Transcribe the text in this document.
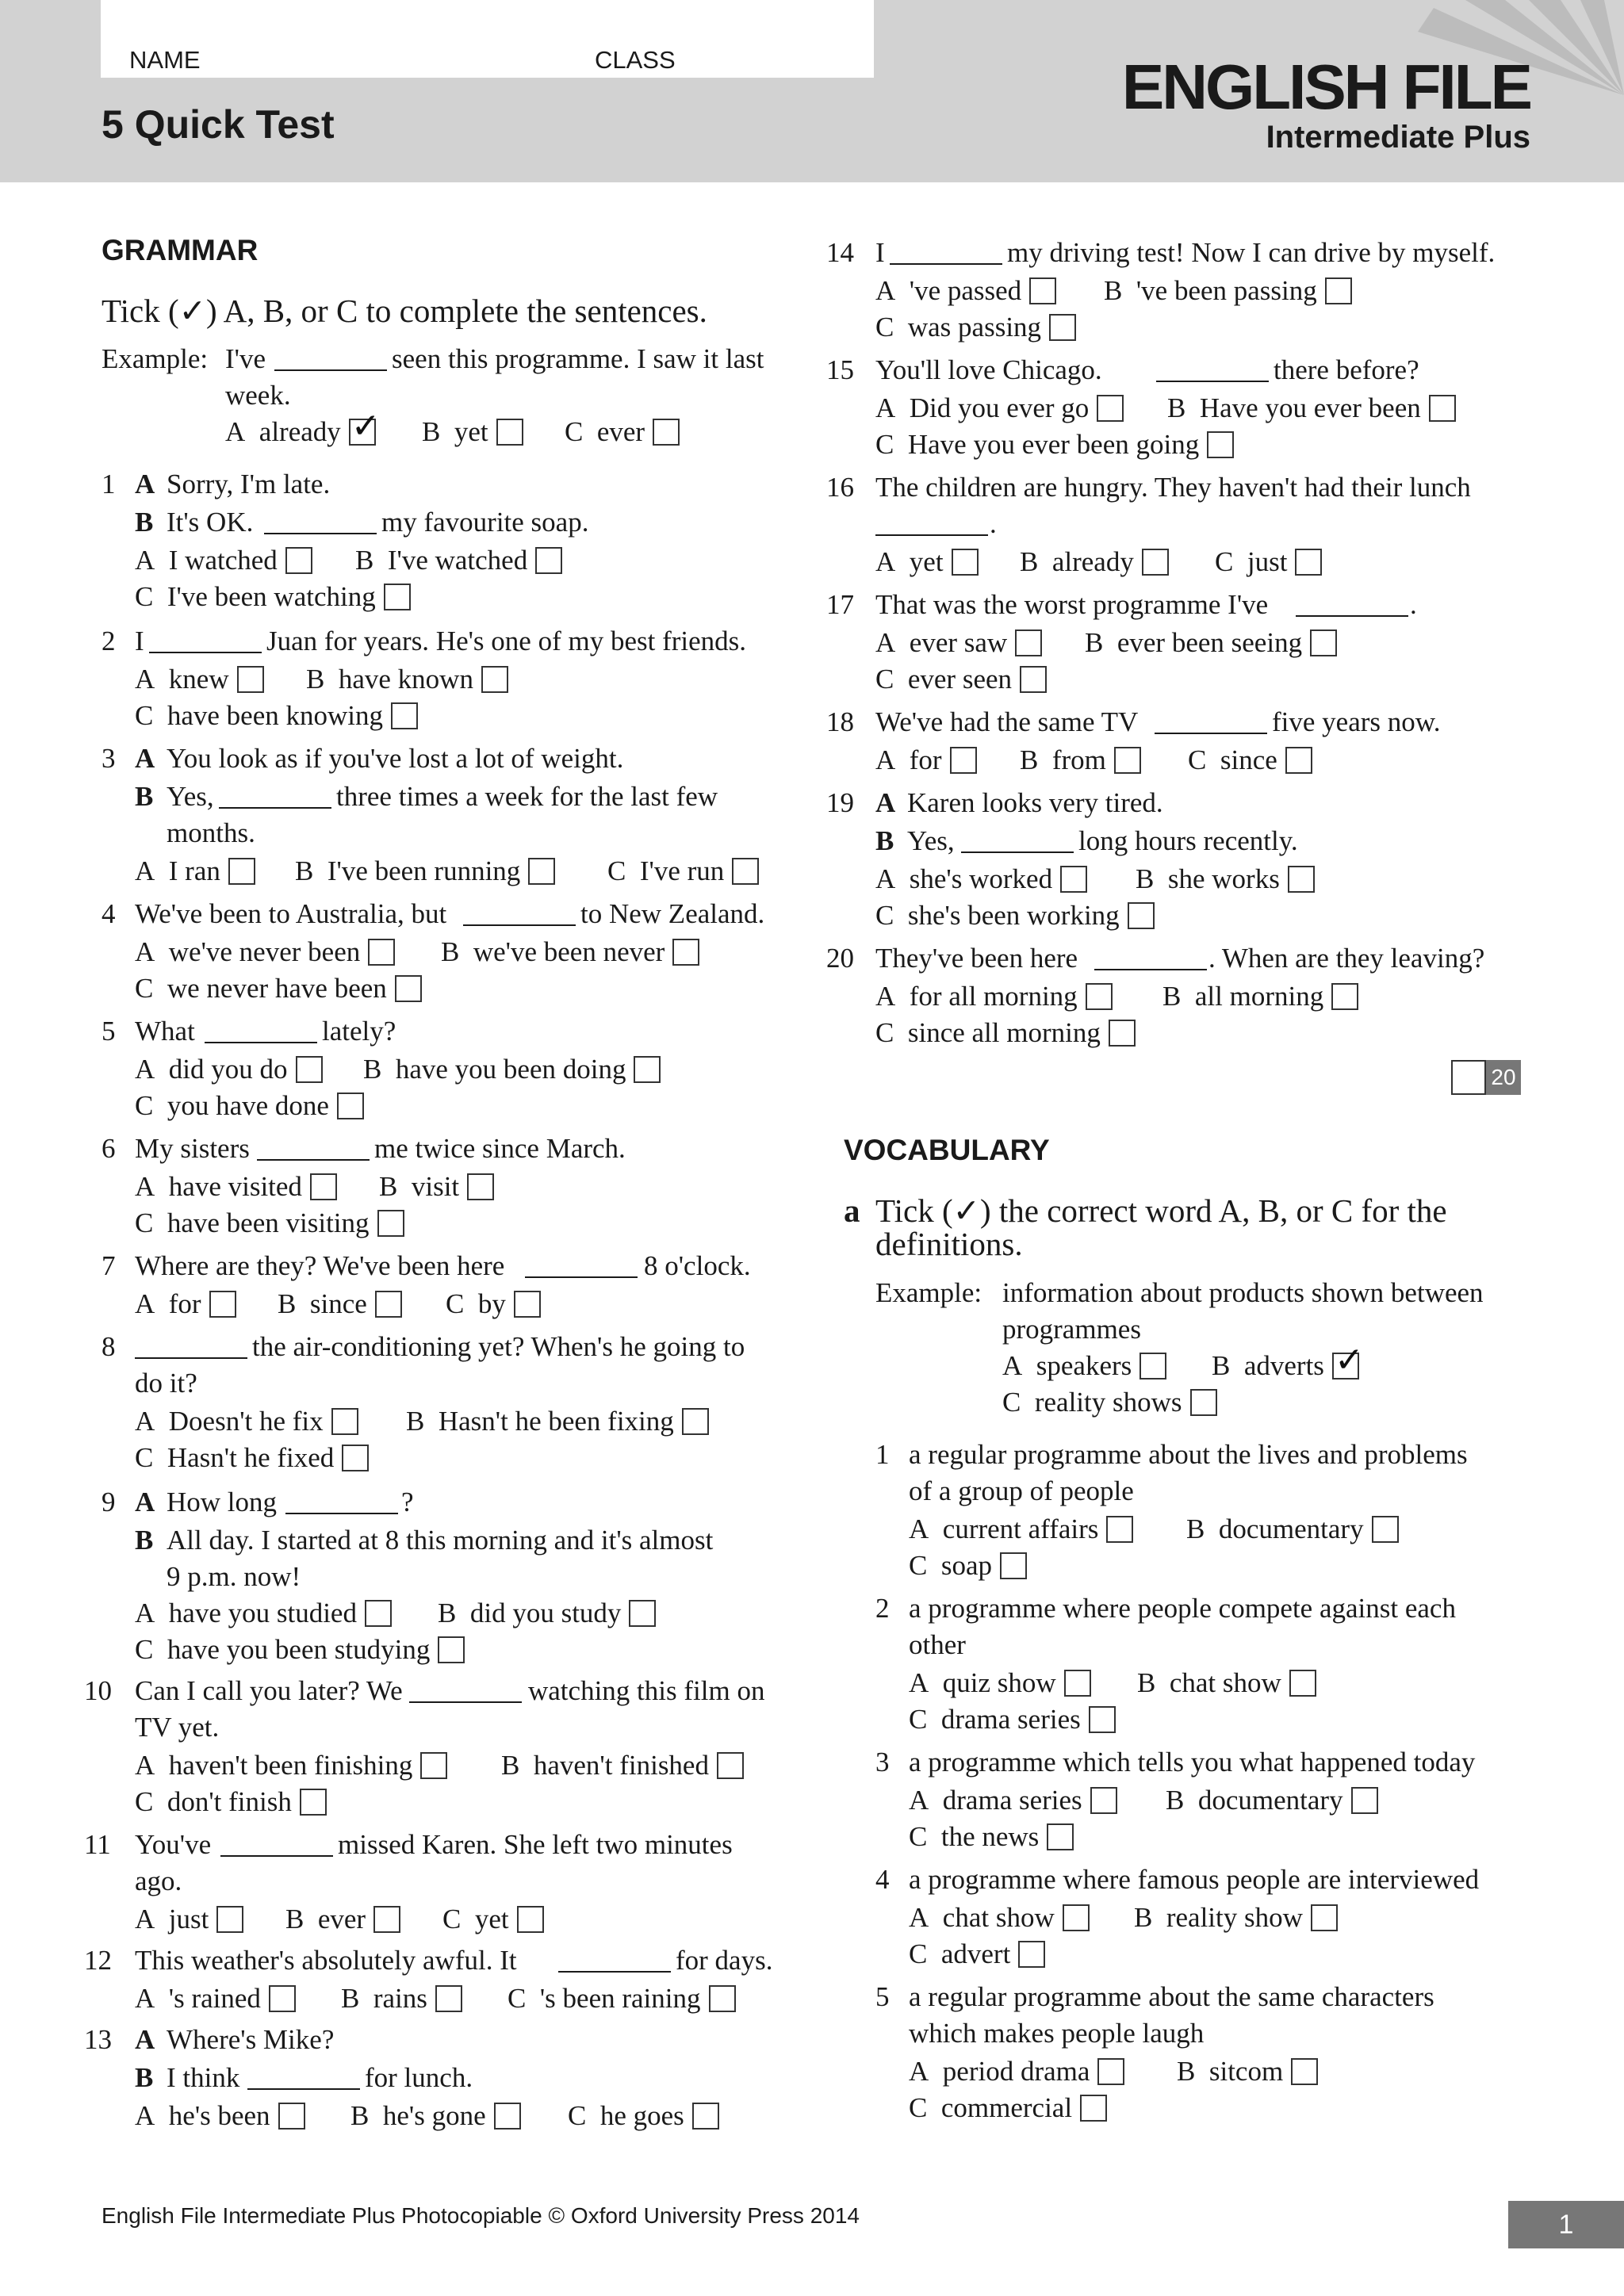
NAME	CLASS
5 Quick Test
ENGLISH FILE
Intermediate Plus
GRAMMAR
Tick (✓) A, B, or C to complete the sentences.
Example: I've	seen this programme. I saw it last
week.
A already✓	B yet	C ever
1 A Sorry, I'm late.
B It's OK.	my favourite soap.
A I watched	B I've watched
C I've been watching
2 I	Juan for years. He's one of my best friends.
A knew	B have known
C have been knowing
3 A You look as if you've lost a lot of weight.
B Yes,	three times a week for the last few
months.
A I ran	B I've been running	C I've run
4 We've been to Australia, but	to New Zealand.
A we've never been	B we've been never
C we never have been
5 What	lately?
A did you do	B have you been doing
C you have done
6 My sisters	me twice since March.
A have visited	B visit
C have been visiting
7 Where are they? We've been here	8 o'clock.
A for	B since	C by
8	the air-conditioning yet? When's he going to
do it?
A Doesn't he fix	B Hasn't he been fixing
C Hasn't he fixed
9 A How long	?
B All day. I started at 8 this morning and it's almost
9 p.m. now!
A have you studied	B did you study
C have you been studying
10 Can I call you later? We	watching this film on
TV yet.
A haven't been finishing	B haven't finished
C don't finish
11 You've	missed Karen. She left two minutes
ago.
A just	B ever	C yet
12 This weather's absolutely awful. It	for days.
A 's rained	B rains	C 's been raining
13 A Where's Mike?
B I think	for lunch.
A he's been	B he's gone	C he goes
14 I	my driving test! Now I can drive by myself.
A 've passed	B 've been passing
C was passing
15 You'll love Chicago.	there before?
A Did you ever go	B Have you ever been
C Have you ever been going
16 The children are hungry. They haven't had their lunch
.
A yet	B already	C just
17 That was the worst programme I've	.
A ever saw	B ever been seeing
C ever seen
18 We've had the same TV	five years now.
A for	B from	C since
19 A Karen looks very tired.
B Yes,	long hours recently.
A she's worked	B she works
C she's been working
20 They've been here	. When are they leaving?
A for all morning	B all morning
C since all morning
20
VOCABULARY
a Tick (✓) the correct word A, B, or C for the
definitions.
Example: information about products shown between
programmes
A speakers	B adverts✓
C reality shows
1 a regular programme about the lives and problems
of a group of people
A current affairs	B documentary
C soap
2 a programme where people compete against each
other
A quiz show	B chat show
C drama series
3 a programme which tells you what happened today
A drama series	B documentary
C the news
4 a programme where famous people are interviewed
A chat show	B reality show
C advert
5 a regular programme about the same characters
which makes people laugh
A period drama	B sitcom
C commercial
English File Intermediate Plus Photocopiable © Oxford University Press 2014	1
